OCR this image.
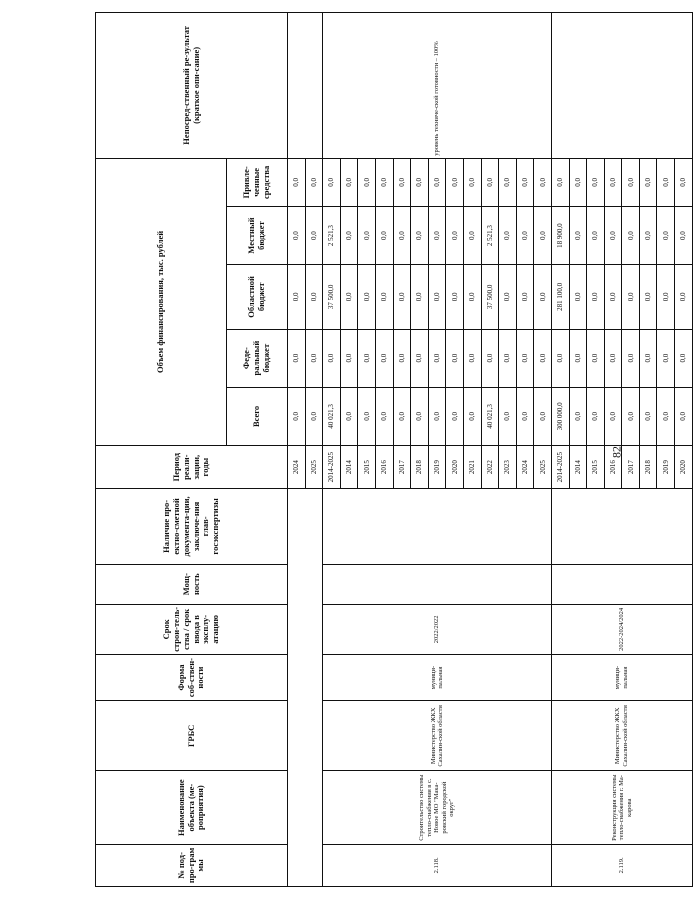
82
№ под-про-грам мы	Наименование объекта (ме-роприятия)	ГРБС	Форма соб-ствен-ности	Срок строи-тель-ства / срок ввода в эксплу-атацию	Мощ-ность	Наличие про-ектно-сметной документа-ции, заключе-ния глав-госэкспертизы	Период реали-зации, годы	Объем финансирования, тыс. рублей					Непосред-ственный ре-зультат (краткое опи-сание)
								Всего	Феде-ральный бюджет	Областной бюджет	Местный бюджет	Привле-ченные средства	
							2024	0,0	0,0	0,0	0,0	0,0	
							2025	0,0	0,0	0,0	0,0	0,0	
2.118.	Строительство системы тепло-снабжения в с. Новое МО "Мака-ровский городской округ"	Министерство ЖКХ Сахалин-ской области	муници-пальная	2022/2022			2014-2025	40 021,3	0,0	37 500,0	2 521,3	0,0	уровень техниче-ской готовности – 100%
							2014	0,0	0,0	0,0	0,0	0,0	
							2015	0,0	0,0	0,0	0,0	0,0	
							2016	0,0	0,0	0,0	0,0	0,0	
							2017	0,0	0,0	0,0	0,0	0,0	
							2018	0,0	0,0	0,0	0,0	0,0	
							2019	0,0	0,0	0,0	0,0	0,0	
							2020	0,0	0,0	0,0	0,0	0,0	
							2021	0,0	0,0	0,0	0,0	0,0	
							2022	40 021,3	0,0	37 500,0	2 521,3	0,0	
							2023	0,0	0,0	0,0	0,0	0,0	
							2024	0,0	0,0	0,0	0,0	0,0	
							2025	0,0	0,0	0,0	0,0	0,0	
2.119.	Реконструкция системы тепло-снабжения г. Ма-карова	Министерство ЖКХ Сахалин-ской области	муници-пальная	2022-2024/2024			2014-2025	300 000,0	0,0	281 100,0	18 900,0	0,0	
							2014	0,0	0,0	0,0	0,0	0,0	
							2015	0,0	0,0	0,0	0,0	0,0	
							2016	0,0	0,0	0,0	0,0	0,0	
							2017	0,0	0,0	0,0	0,0	0,0	
							2018	0,0	0,0	0,0	0,0	0,0	
							2019	0,0	0,0	0,0	0,0	0,0	
							2020	0,0	0,0	0,0	0,0	0,0	
